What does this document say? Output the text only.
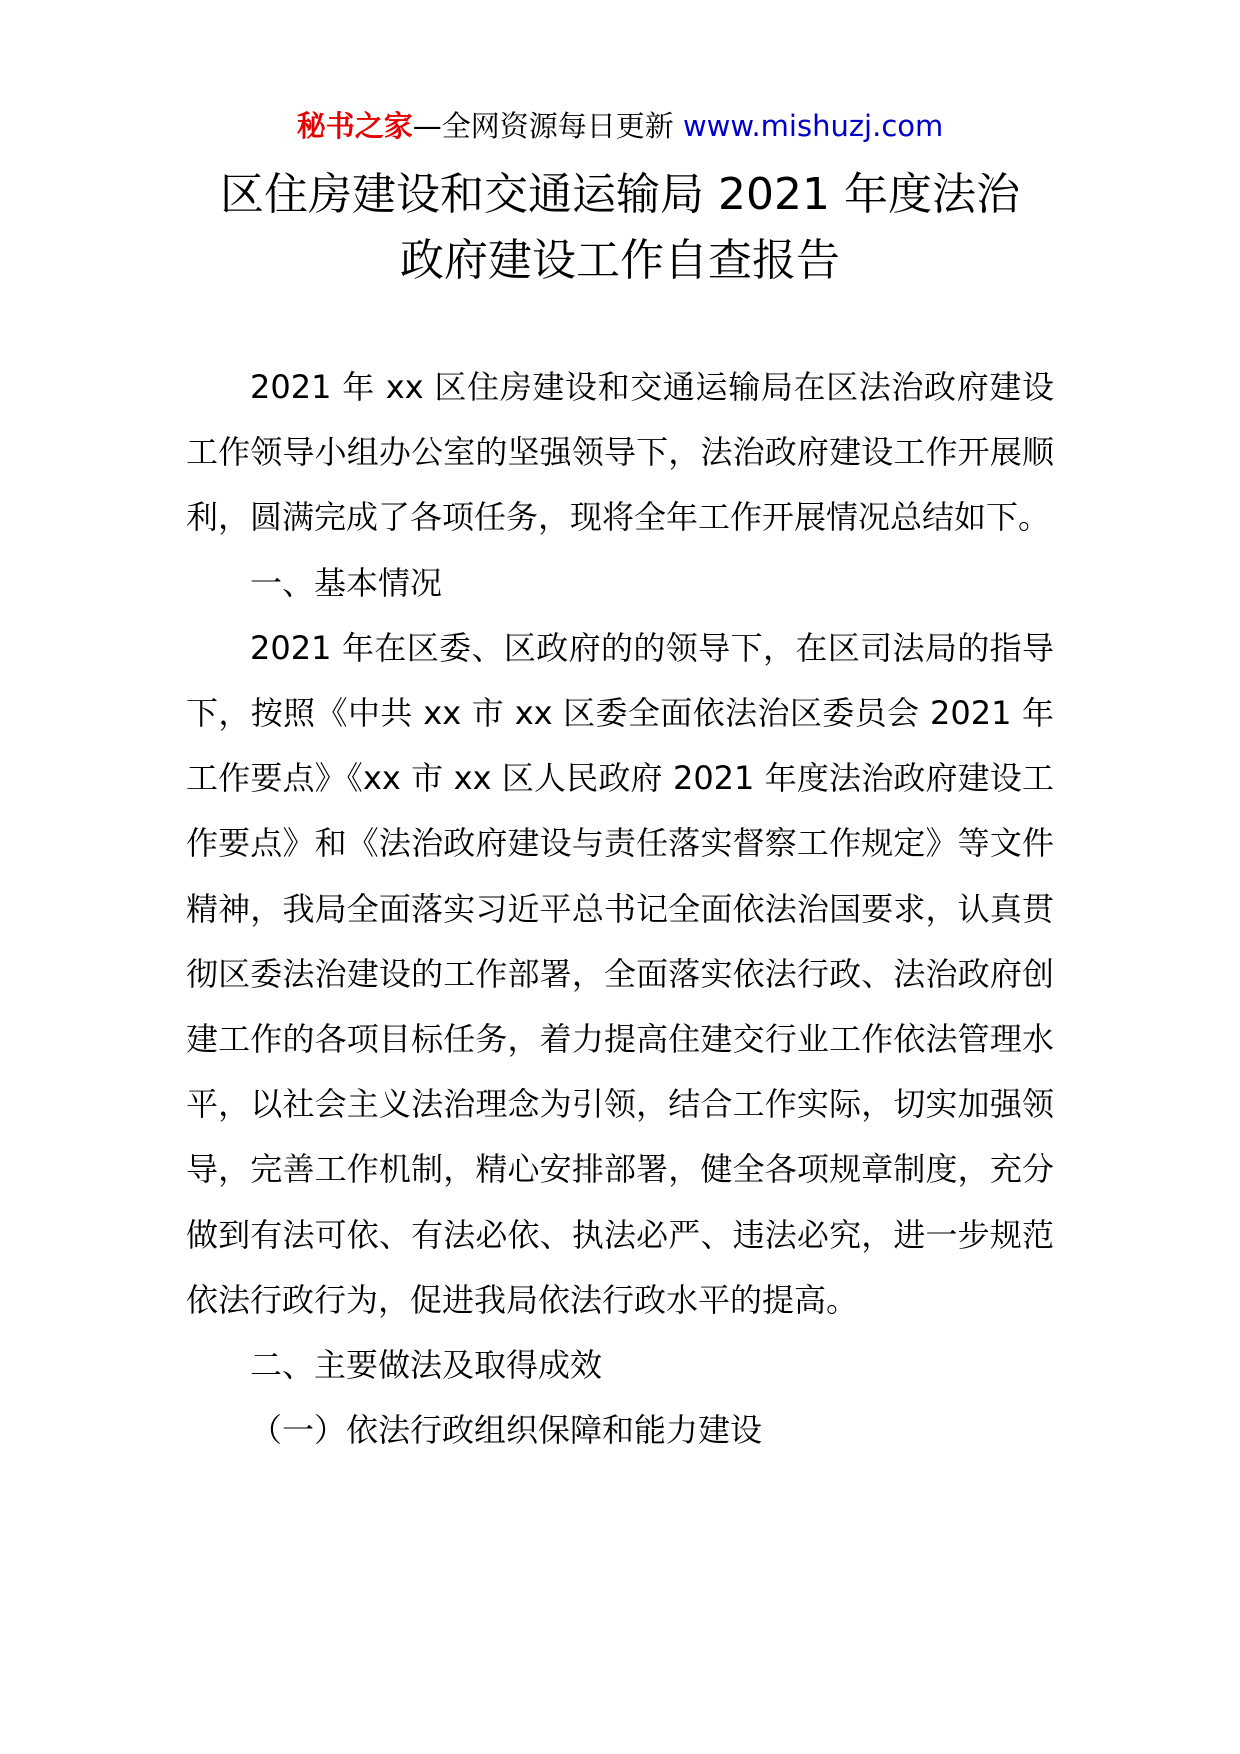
秘书之家—全网资源每日更新 www.mishuzj.com
区住房建设和交通运输局 2021 年度法治
政府建设工作自查报告

2021 年 xx 区住房建设和交通运输局在区法治政府建设工作领导小组办公室的坚强领导下，法治政府建设工作开展顺利，圆满完成了各项任务，现将全年工作开展情况总结如下。

一、基本情况

2021 年在区委、区政府的的领导下，在区司法局的指导下，按照《中共 xx 市 xx 区委全面依法治区委员会 2021 年工作要点》《xx 市 xx 区人民政府 2021 年度法治政府建设工作要点》和《法治政府建设与责任落实督察工作规定》等文件精神，我局全面落实习近平总书记全面依法治国要求，认真贯彻区委法治建设的工作部署，全面落实依法行政、法治政府创建工作的各项目标任务，着力提高住建交行业工作依法管理水平，以社会主义法治理念为引领，结合工作实际，切实加强领导，完善工作机制，精心安排部署，健全各项规章制度，充分做到有法可依、有法必依、执法必严、违法必究，进一步规范依法行政行为，促进我局依法行政水平的提高。

二、主要做法及取得成效

（一）依法行政组织保障和能力建设
